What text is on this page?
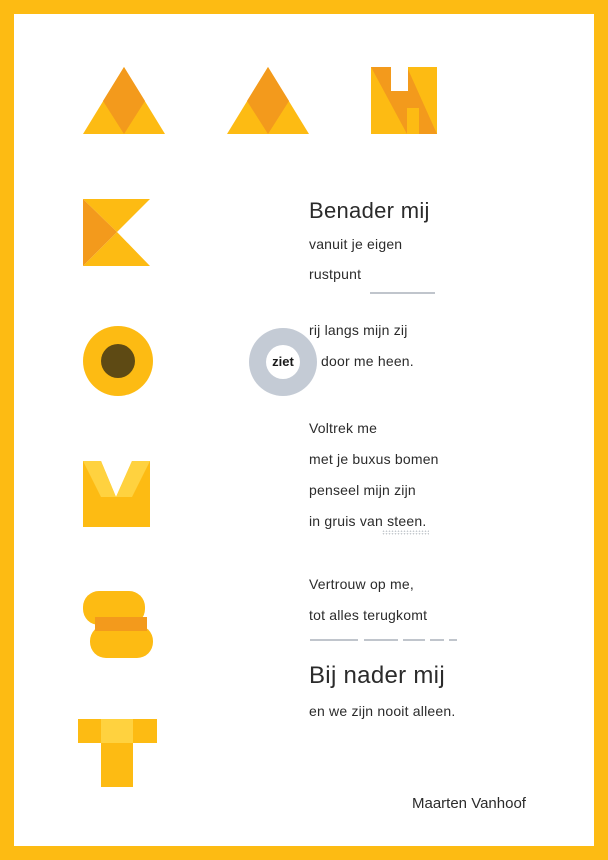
ziet
Benader mij
vanuit je eigen
rustpunt
rij langs mijn zij
door me heen.
Voltrek me
met je buxus bomen
penseel mijn zijn
in gruis van steen.
Vertrouw op me,
tot alles terugkomt
Bij nader mij
en we zijn nooit alleen.
Maarten Vanhoof
